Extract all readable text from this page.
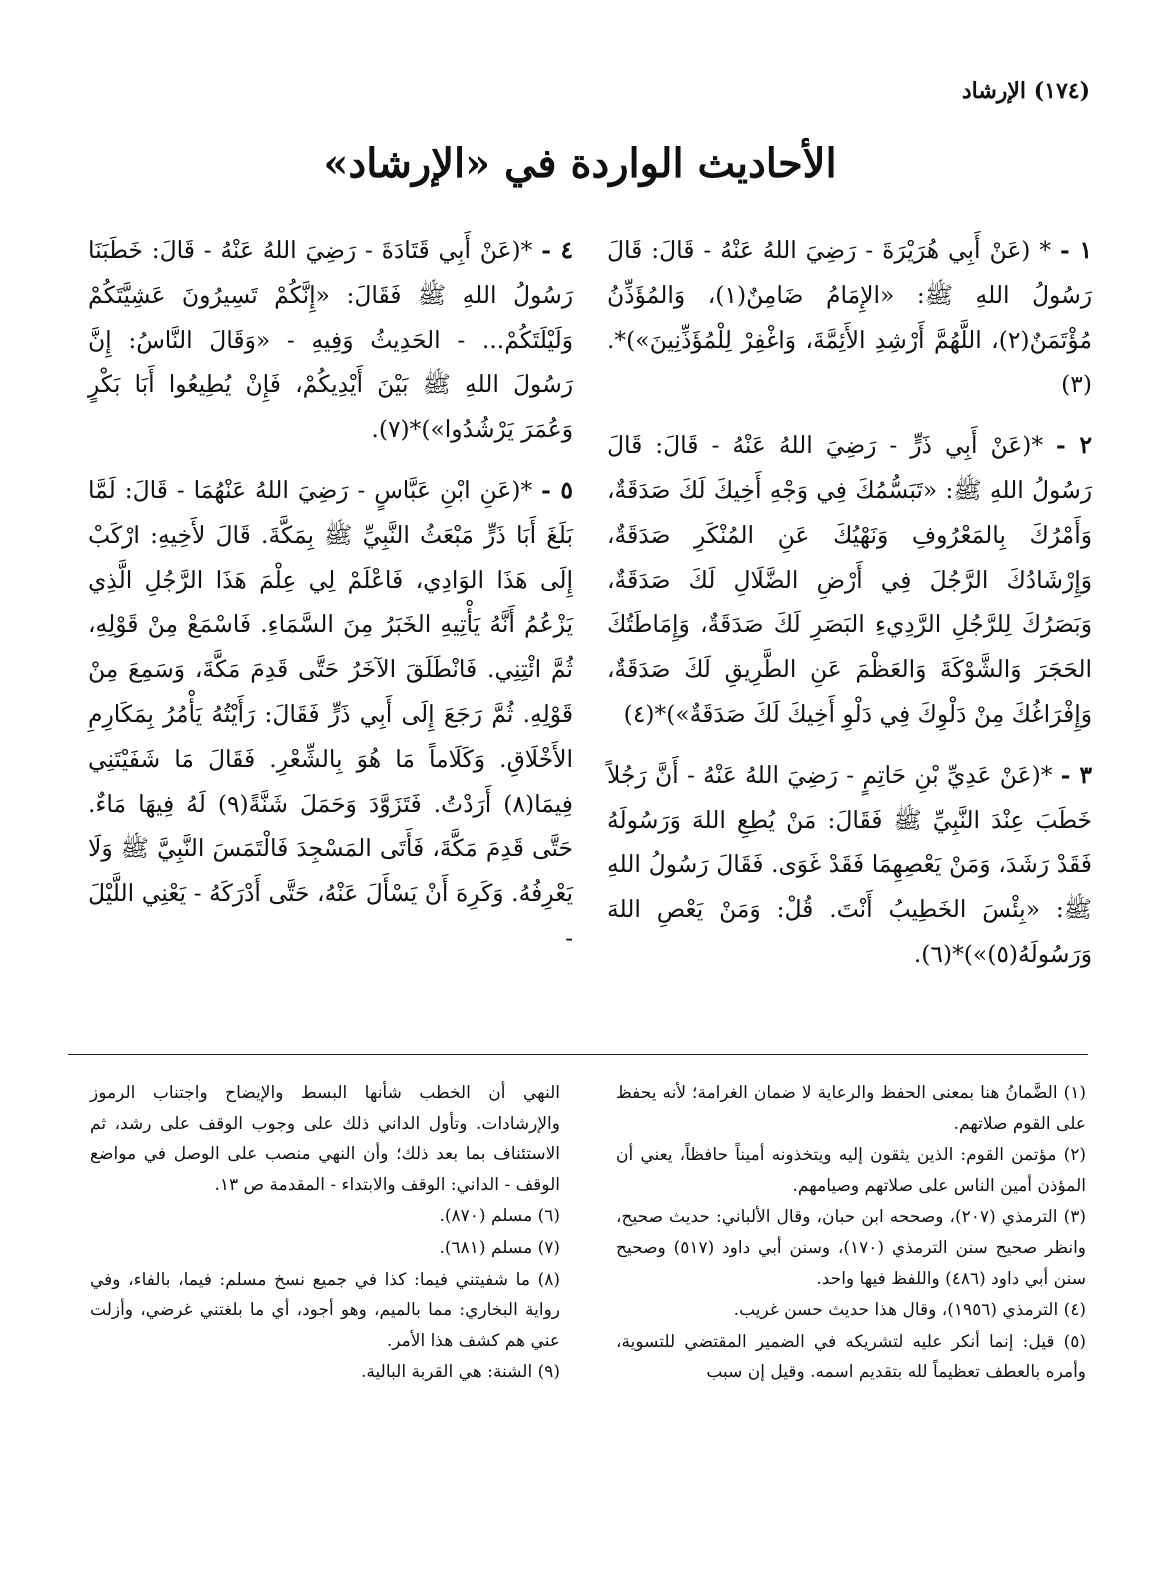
(١٧٤) الإرشاد
الأحاديث الواردة في «الإرشاد»

١ - * (عَنْ أَبِي هُرَيْرَةَ - رَضِيَ اللهُ عَنْهُ - قَالَ: قَالَ رَسُولُ اللهِ ﷺ: «الإِمَامُ ضَامِنٌ(١)، وَالمُؤَذِّنُ مُؤْتَمَنٌ(٢)، اللَّهُمَّ أَرْشِدِ الأَئِمَّةَ، وَاغْفِرْ لِلْمُؤَذِّنِينَ»)*.(٣)

٢ - *(عَنْ أَبِي ذَرٍّ - رَضِيَ اللهُ عَنْهُ - قَالَ: قَالَ رَسُولُ اللهِ ﷺ: «تَبَسُّمُكَ فِي وَجْهِ أَخِيكَ لَكَ صَدَقَةٌ، وَأَمْرُكَ بِالمَعْرُوفِ وَنَهْيُكَ عَنِ المُنْكَرِ صَدَقَةٌ، وَإِرْشَادُكَ الرَّجُلَ فِي أَرْضِ الضَّلَالِ لَكَ صَدَقَةٌ، وَبَصَرُكَ لِلرَّجُلِ الرَّدِيءِ البَصَرِ لَكَ صَدَقَةٌ، وَإِمَاطَتُكَ الحَجَرَ وَالشَّوْكَةَ وَالعَظْمَ عَنِ الطَّرِيقِ لَكَ صَدَقَةٌ، وَإِفْرَاغُكَ مِنْ دَلْوِكَ فِي دَلْوِ أَخِيكَ لَكَ صَدَقَةٌ»)*(٤)

٣ - *(عَنْ عَدِيِّ بْنِ حَاتِمٍ - رَضِيَ اللهُ عَنْهُ - أَنَّ رَجُلاً خَطَبَ عِنْدَ النَّبِيِّ ﷺ فَقَالَ: مَنْ يُطِعِ اللهَ وَرَسُولَهُ فَقَدْ رَشَدَ، وَمَنْ يَعْصِهِمَا فَقَدْ غَوَى. فَقَالَ رَسُولُ اللهِ ﷺ: «بِئْسَ الخَطِيبُ أَنْتَ. قُلْ: وَمَنْ يَعْصِ اللهَ وَرَسُولَهُ(٥)»)*(٦).

٤ - *(عَنْ أَبِي قَتَادَةَ - رَضِيَ اللهُ عَنْهُ - قَالَ: خَطَبَنَا رَسُولُ اللهِ ﷺ فَقَالَ: «إِنَّكُمْ تَسِيرُونَ عَشِيَّتَكُمْ وَلَيْلَتَكُمْ... - الحَدِيثُ وَفِيهِ - «وَقَالَ النَّاسُ: إِنَّ رَسُولَ اللهِ ﷺ بَيْنَ أَيْدِيكُمْ، فَإِنْ يُطِيعُوا أَبَا بَكْرٍ وَعُمَرَ يَرْشُدُوا»)*(٧).

٥ - *(عَنِ ابْنِ عَبَّاسٍ - رَضِيَ اللهُ عَنْهُمَا - قَالَ: لَمَّا بَلَغَ أَبَا ذَرٍّ مَبْعَثُ النَّبِيِّ ﷺ بِمَكَّةَ. قَالَ لأَخِيهِ: ارْكَبْ إِلَى هَذَا الوَادِي، فَاعْلَمْ لِي عِلْمَ هَذَا الرَّجُلِ الَّذِي يَزْعُمُ أَنَّهُ يَأْتِيهِ الخَبَرُ مِنَ السَّمَاءِ. فَاسْمَعْ مِنْ قَوْلِهِ، ثُمَّ ائْتِنِي. فَانْطَلَقَ الآخَرُ حَتَّى قَدِمَ مَكَّةَ، وَسَمِعَ مِنْ قَوْلِهِ. ثُمَّ رَجَعَ إِلَى أَبِي ذَرٍّ فَقَالَ: رَأَيْتُهُ يَأْمُرُ بِمَكَارِمِ الأَخْلَاقِ. وَكَلَاماً مَا هُوَ بِالشِّعْرِ. فَقَالَ مَا شَفَيْتَنِي فِيمَا(٨) أَرَدْتُ. فَتَزَوَّدَ وَحَمَلَ شَنَّةً(٩) لَهُ فِيهَا مَاءٌ. حَتَّى قَدِمَ مَكَّةَ، فَأَتَى المَسْجِدَ فَالْتَمَسَ النَّبِيَّ ﷺ وَلَا يَعْرِفُهُ. وَكَرِهَ أَنْ يَسْأَلَ عَنْهُ، حَتَّى أَدْرَكَهُ - يَعْنِي اللَّيْلَ -

(١) الضَّمانُ هنا بمعنى الحفظ والرعاية لا ضمان الغرامة؛ لأنه يحفظ على القوم صلاتهم.

(٢) مؤتمن القوم: الذين يثقون إليه ويتخذونه أميناً حافظاً، يعني أن المؤذن أمين الناس على صلاتهم وصيامهم.

(٣) الترمذي (٢٠٧)، وصححه ابن حبان، وقال الألباني: حديث صحيح، وانظر صحيح سنن الترمذي (١٧٠)، وسنن أبي داود (٥١٧) وصحيح سنن أبي داود (٤٨٦) واللفظ فيها واحد.

(٤) الترمذي (١٩٥٦)، وقال هذا حديث حسن غريب.

(٥) قيل: إنما أنكر عليه لتشريكه في الضمير المقتضي للتسوية، وأمره بالعطف تعظيماً لله بتقديم اسمه. وقيل إن سبب

النهي أن الخطب شأنها البسط والإيضاح واجتناب الرموز والإرشادات. وتأول الداني ذلك على وجوب الوقف على رشد، ثم الاستئناف بما بعد ذلك؛ وأن النهي منصب على الوصل في مواضع الوقف - الداني: الوقف والابتداء - المقدمة ص ١٣.

(٦) مسلم (٨٧٠).

(٧) مسلم (٦٨١).

(٨) ما شفيتني فيما: كذا في جميع نسخ مسلم: فيما، بالفاء، وفي رواية البخاري: مما بالميم، وهو أجود، أي ما بلغتني غرضي، وأزلت عني هم كشف هذا الأمر.

(٩) الشنة: هي القربة البالية.
